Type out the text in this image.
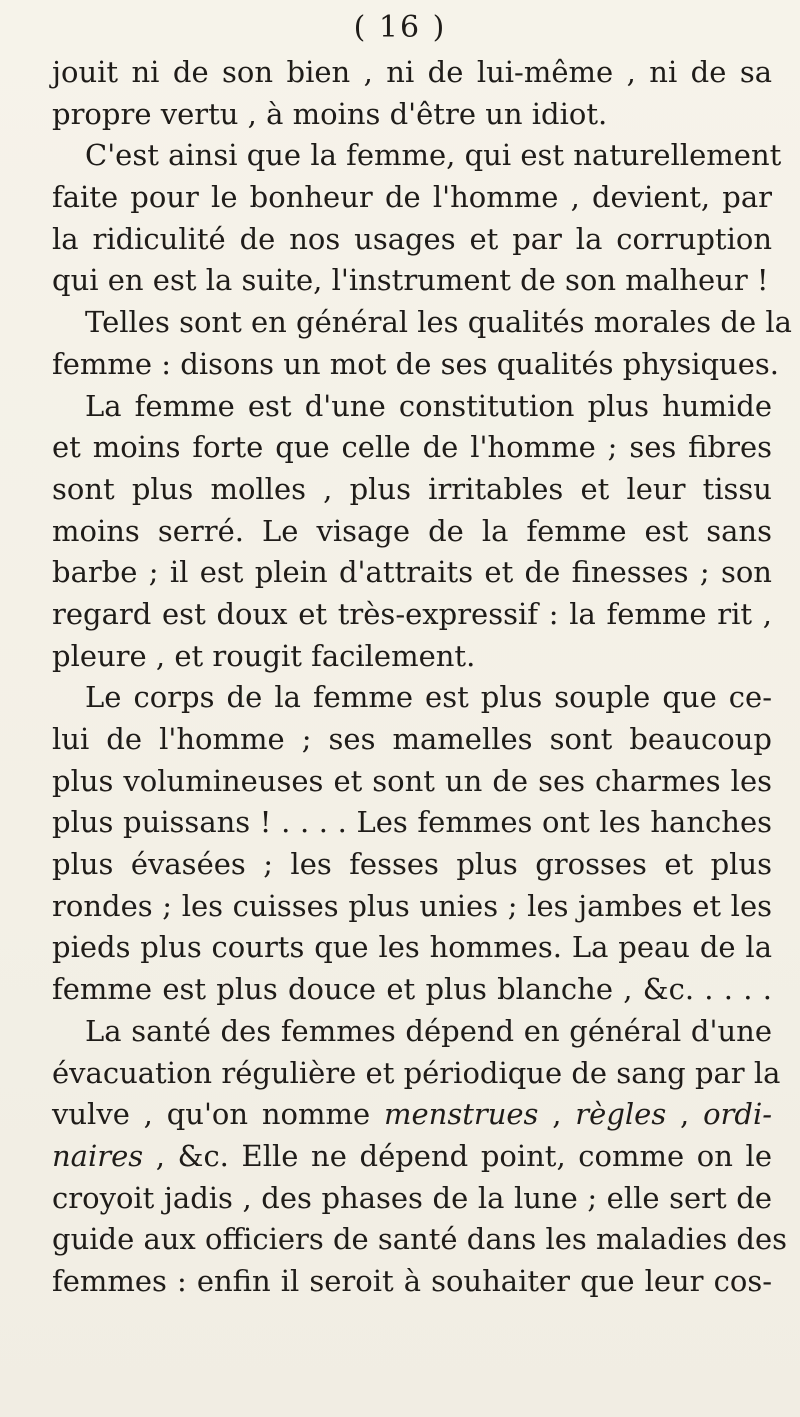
( 16 )
jouit ni de son bien , ni de lui-même , ni de sa
propre vertu , à moins d'être un idiot.
C'est ainsi que la femme, qui est naturellement
faite pour le bonheur de l'homme , devient, par
la ridiculité de nos usages et par la corruption
qui en est la suite, l'instrument de son malheur !
Telles sont en général les qualités morales de la
femme : disons un mot de ses qualités physiques.
La femme est d'une constitution plus humide
et moins forte que celle de l'homme ; ses fibres
sont plus molles , plus irritables et leur tissu
moins serré. Le visage de la femme est sans
barbe ; il est plein d'attraits et de finesses ; son
regard est doux et très-expressif : la femme rit ,
pleure , et rougit facilement.
Le corps de la femme est plus souple que ce-
lui de l'homme ; ses mamelles sont beaucoup
plus volumineuses et sont un de ses charmes les
plus puissans ! . . . . Les femmes ont les hanches
plus évasées ; les fesses plus grosses et plus
rondes ; les cuisses plus unies ; les jambes et les
pieds plus courts que les hommes. La peau de la
femme est plus douce et plus blanche , &c. . . . .
La santé des femmes dépend en général d'une
évacuation régulière et périodique de sang par la
vulve , qu'on nomme menstrues , règles , ordi-
naires , &c. Elle ne dépend point, comme on le
croyoit jadis , des phases de la lune ; elle sert de
guide aux officiers de santé dans les maladies des
femmes : enfin il seroit à souhaiter que leur cos-
